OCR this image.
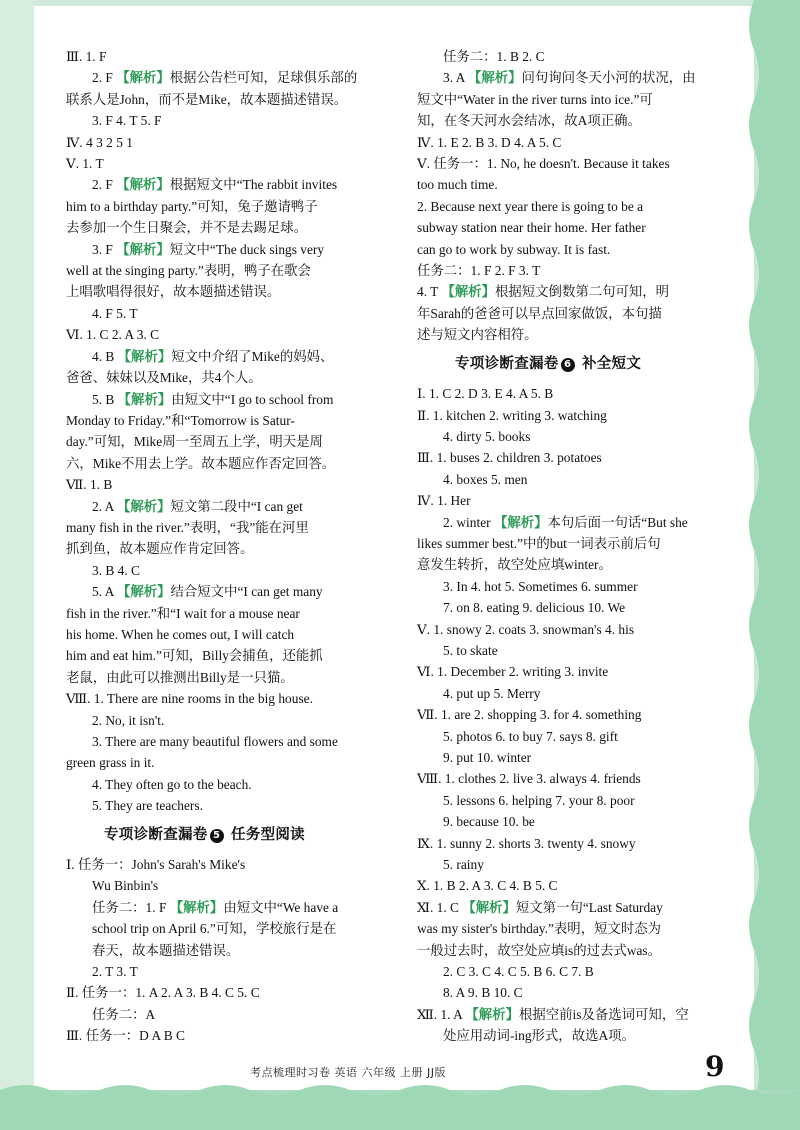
Ⅲ. 1. F
2. F 【解析】根据公告栏可知，足球俱乐部的
联系人是John，而不是Mike，故本题描述错误。
3. F 4. T 5. F
Ⅳ. 4 3 2 5 1
Ⅴ. 1. T
2. F 【解析】根据短文中“The rabbit invites
him to a birthday party.”可知，兔子邀请鸭子
去参加一个生日聚会，并不是去踢足球。
3. F 【解析】短文中“The duck sings very
well at the singing party.”表明，鸭子在歌会
上唱歌唱得很好，故本题描述错误。
4. F 5. T
Ⅵ. 1. C 2. A 3. C
4. B 【解析】短文中介绍了Mike的妈妈、
爸爸、妹妹以及Mike，共4个人。
5. B 【解析】由短文中“I go to school from
Monday to Friday.”和“Tomorrow is Satur-
day.”可知，Mike周一至周五上学，明天是周
六，Mike不用去上学。故本题应作否定回答。
Ⅶ. 1. B
2. A 【解析】短文第二段中“I can get
many fish in the river.”表明，“我”能在河里
抓到鱼，故本题应作肯定回答。
3. B 4. C
5. A 【解析】结合短文中“I can get many
fish in the river.”和“I wait for a mouse near
his home. When he comes out, I will catch
him and eat him.”可知，Billy会捕鱼，还能抓
老鼠，由此可以推测出Billy是一只猫。
Ⅷ. 1. There are nine rooms in the big house.
2. No, it isn't.
3. There are many beautiful flowers and some
green grass in it.
4. They often go to the beach.
5. They are teachers.
专项诊断查漏卷 5 任务型阅读
Ⅰ. 任务一：John's Sarah's Mike's
Wu Binbin's
任务二：1. F 【解析】由短文中“We have a
school trip on April 6.”可知，学校旅行是在
春天，故本题描述错误。
2. T 3. T
Ⅱ. 任务一：1. A 2. A 3. B 4. C 5. C
任务二：A
Ⅲ. 任务一：D A B C
任务二：1. B 2. C
3. A 【解析】问句询问冬天小河的状况，由
短文中“Water in the river turns into ice.”可
知，在冬天河水会结冰，故A项正确。
Ⅳ. 1. E 2. B 3. D 4. A 5. C
Ⅴ. 任务一：1. No, he doesn't. Because it takes
too much time.
2. Because next year there is going to be a
subway station near their home. Her father
can go to work by subway. It is fast.
任务二：1. F 2. F 3. T
4. T 【解析】根据短文倒数第二句可知，明
年Sarah的爸爸可以早点回家做饭，本句描
述与短文内容相符。
专项诊断查漏卷 6 补全短文
Ⅰ. 1. C 2. D 3. E 4. A 5. B
Ⅱ. 1. kitchen 2. writing 3. watching
4. dirty 5. books
Ⅲ. 1. buses 2. children 3. potatoes
4. boxes 5. men
Ⅳ. 1. Her
2. winter 【解析】本句后面一句话“But she
likes summer best.”中的but一词表示前后句
意发生转折，故空处应填winter。
3. In 4. hot 5. Sometimes 6. summer
7. on 8. eating 9. delicious 10. We
Ⅴ. 1. snowy 2. coats 3. snowman's 4. his
5. to skate
Ⅵ. 1. December 2. writing 3. invite
4. put up 5. Merry
Ⅶ. 1. are 2. shopping 3. for 4. something
5. photos 6. to buy 7. says 8. gift
9. put 10. winter
Ⅷ. 1. clothes 2. live 3. always 4. friends
5. lessons 6. helping 7. your 8. poor
9. because 10. be
Ⅸ. 1. sunny 2. shorts 3. twenty 4. snowy
5. rainy
Ⅹ. 1. B 2. A 3. C 4. B 5. C
Ⅺ. 1. C 【解析】短文第一句“Last Saturday
was my sister's birthday.”表明，短文时态为
一般过去时，故空处应填is的过去式was。
2. C 3. C 4. C 5. B 6. C 7. B
8. A 9. B 10. C
Ⅻ. 1. A 【解析】根据空前is及备选词可知，空
处应用动词-ing形式，故选A项。
考点梳理时习卷 英语 六年级 上册 JJ版	9
